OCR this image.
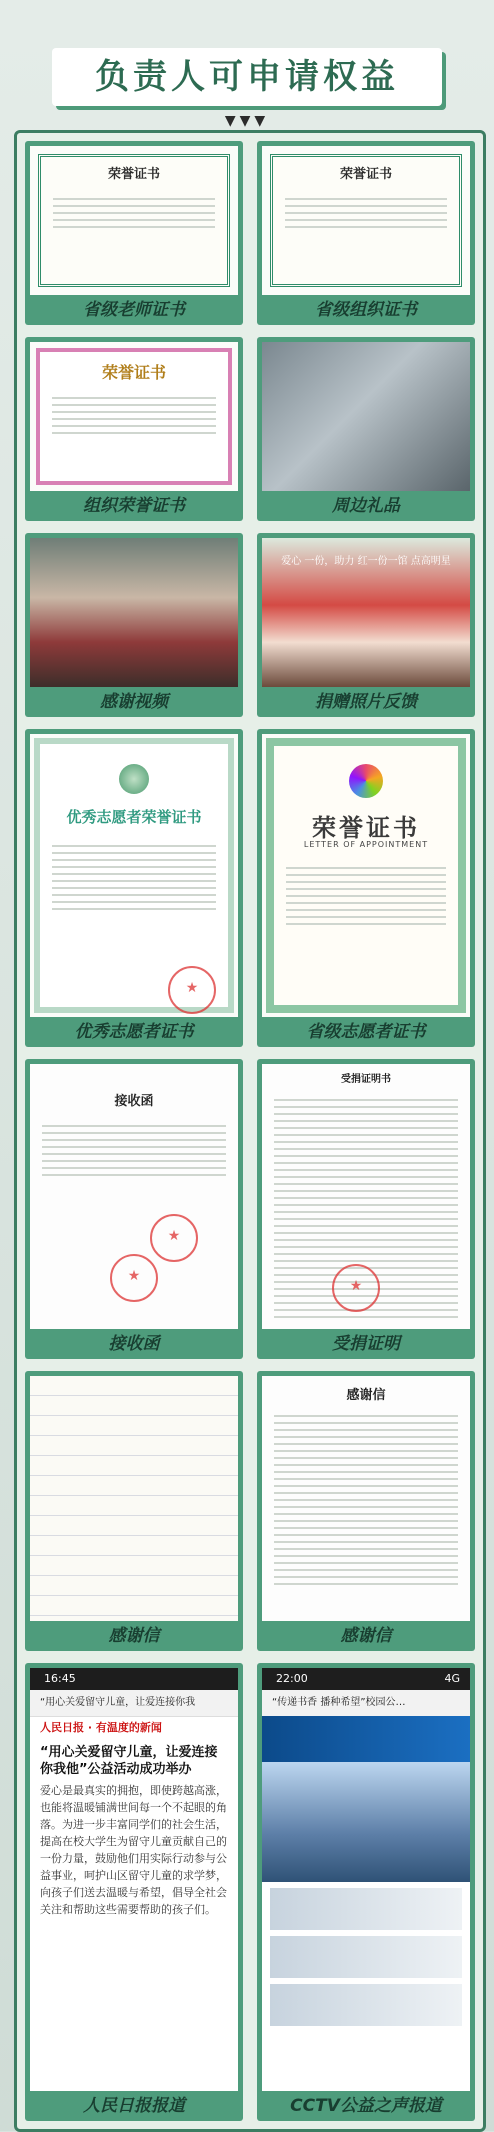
负责人可申请权益
▼▼▼
荣誉证书
省级老师证书
荣誉证书
省级组织证书
荣誉证书
组织荣誉证书	周边礼品
感谢视频
爱心 一份，助力 红一份一馆 点高明星
捐赠照片反馈
优秀志愿者荣誉证书
★
优秀志愿者证书
荣誉证书
LETTER OF APPOINTMENT
省级志愿者证书
接收函
★
★
接收函
受捐证明书
★
受捐证明
感谢信
感谢信
感谢信
16:45
“用心关爱留守儿童，让爱连接你我
人民日报 · 有温度的新闻
“用心关爱留守儿童，让爱连接你我他”公益活动成功举办
爱心是最真实的拥抱，即使跨越高涨，也能将温暖铺满世间每一个不起眼的角落。为进一步丰富同学们的社会生活，提高在校大学生为留守儿童贡献自己的一份力量，鼓励他们用实际行动参与公益事业，呵护山区留守儿童的求学梦，向孩子们送去温暖与希望，倡导全社会关注和帮助这些需要帮助的孩子们。
人民日报报道
22:00	4G
“传递书香 播种希望”校园公…
CCTV公益之声报道
